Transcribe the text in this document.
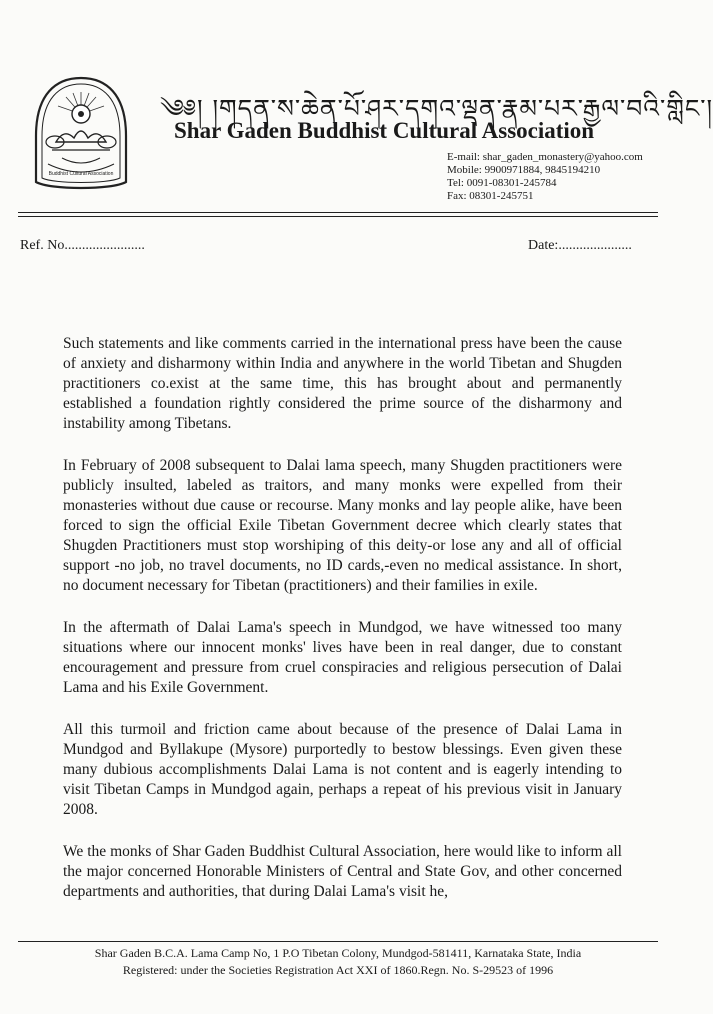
Buddhist Cultural Association
༄༅། །གདན་ས་ཆེན་པོ་ཤར་དགའ་ལྡན་རྣམ་པར་རྒྱལ་བའི་གླིང་།
Shar Gaden Buddhist Cultural Association
E-mail: shar_gaden_monastery@yahoo.com
Mobile: 9900971884, 9845194210
Tel: 0091-08301-245784
Fax: 08301-245751
Ref. No.......................	Date:.....................

Such statements and like comments carried in the international press have been the cause of anxiety and disharmony within India and anywhere in the world Tibetan and Shugden practitioners co.exist at the same time, this has brought about and permanently established a foundation rightly considered the prime source of the disharmony and instability among Tibetans.

In February of 2008 subsequent to Dalai lama speech, many Shugden practitioners were publicly insulted, labeled as traitors, and many monks were expelled from their monasteries without due cause or recourse. Many monks and lay people alike, have been forced to sign the official Exile Tibetan Government decree which clearly states that Shugden Practitioners must stop worshiping of this deity-or lose any and all of official support -no job, no travel documents, no ID cards,-even no medical assistance. In short, no document necessary for Tibetan (practitioners) and their families in exile.

In the aftermath of Dalai Lama's speech in Mundgod, we have witnessed too many situations where our innocent monks' lives have been in real danger, due to constant encouragement and pressure from cruel conspiracies and religious persecution of Dalai Lama and his Exile Government.

All this turmoil and friction came about because of the presence of Dalai Lama in Mundgod and Byllakupe (Mysore) purportedly to bestow blessings. Even given these many dubious accomplishments Dalai Lama is not content and is eagerly intending to visit Tibetan Camps in Mundgod again, perhaps a repeat of his previous visit in January 2008.

We the monks of Shar Gaden Buddhist Cultural Association, here would like to inform all the major concerned Honorable Ministers of Central and State Gov, and other concerned departments and authorities, that during Dalai Lama's visit he,

Shar Gaden B.C.A. Lama Camp No, 1 P.O Tibetan Colony, Mundgod-581411, Karnataka State, India
Registered: under the Societies Registration Act XXI of 1860.Regn. No. S-29523 of 1996
